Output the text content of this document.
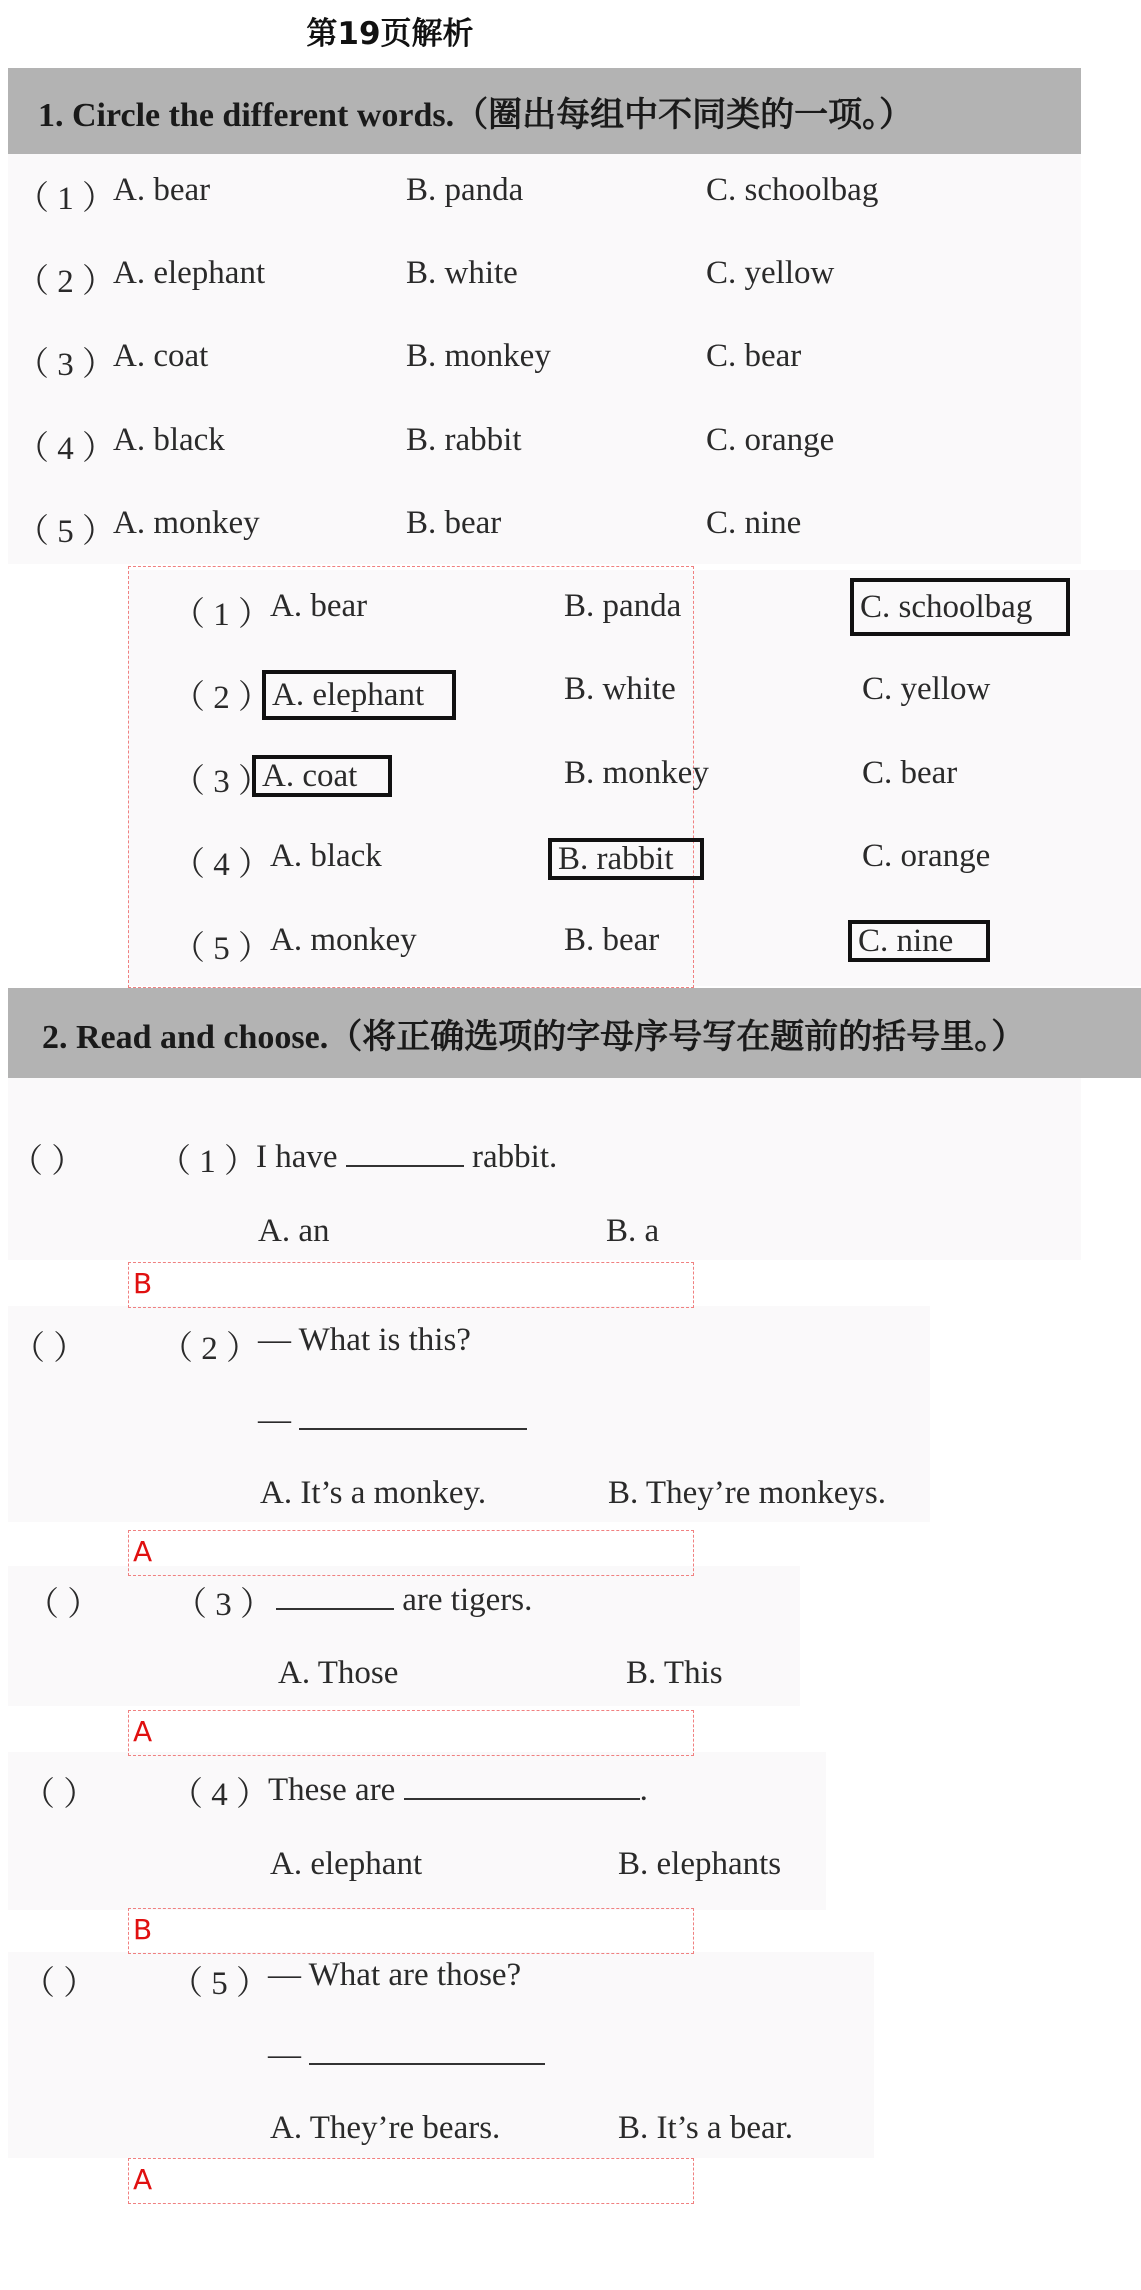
第19页解析
1. Circle the different words.（圈出每组中不同类的一项。）
（ 1 ）
A. bear	B. panda	C. schoolbag
（ 2 ）
A. elephant	B. white	C. yellow
（ 3 ）
A. coat	B. monkey	C. bear
（ 4 ）
A. black	B. rabbit	C. orange
（ 5 ）
A. monkey	B. bear	C. nine
（ 1 ） A. bear	B. panda	C. schoolbag
（ 2 ） A. elephant	B. white	C. yellow
（ 3 ）
A. coat	B. monkey	C. bear
（ 4 ） A. black	B. rabbit	C. orange
（ 5 ） A. monkey	B. bear	C. nine
2. Read and choose.（将正确选项的字母序号写在题前的括号里。）
（ ） （ 1 ） I have	rabbit.
A. an	B. a
B
（ ） （ 2 ） — What is this?
—
A. It’s a monkey.	B. They’re monkeys.
A
（ ） （ 3 ）	are tigers.
A. Those	B. This
A
（ ） （ 4 ） These are	.
A. elephant	B. elephants
B
（ ） （ 5 ） — What are those?
—
A. They’re bears.	B. It’s a bear.
A
